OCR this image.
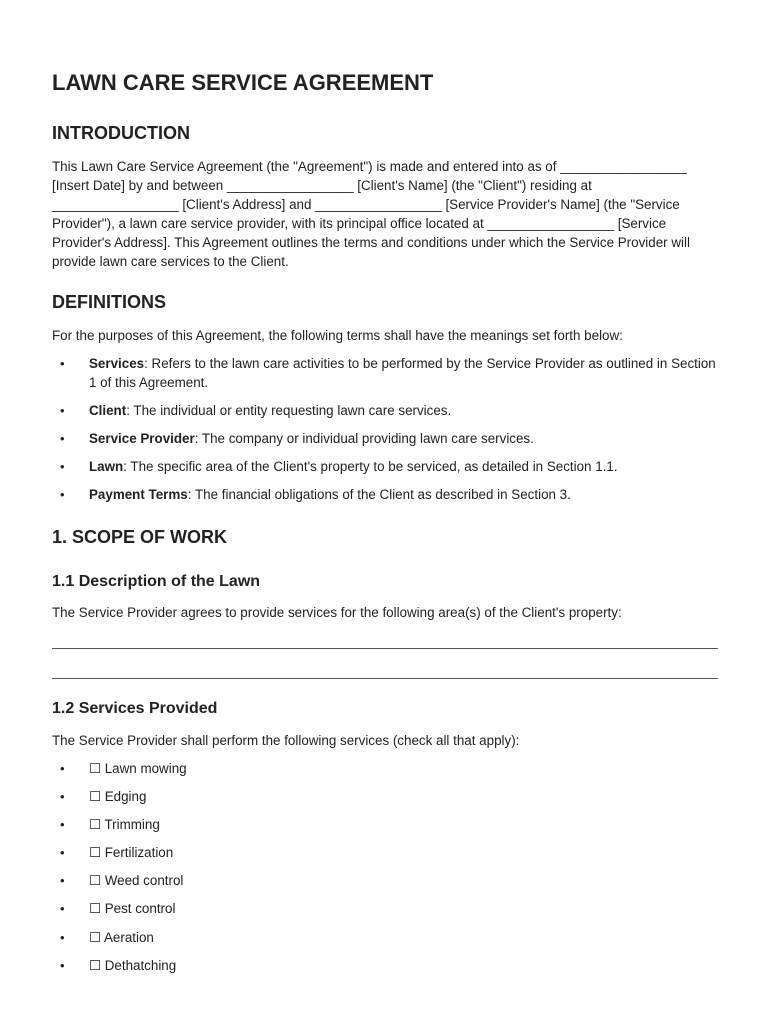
LAWN CARE SERVICE AGREEMENT
INTRODUCTION

This Lawn Care Service Agreement (the "Agreement") is made and entered into as of _________________ [Insert Date] by and between _________________ [Client's Name] (the "Client") residing at _________________ [Client's Address] and _________________ [Service Provider's Name] (the "Service Provider"), a lawn care service provider, with its principal office located at _________________ [Service Provider's Address]. This Agreement outlines the terms and conditions under which the Service Provider will provide lawn care services to the Client.

DEFINITIONS

For the purposes of this Agreement, the following terms shall have the meanings set forth below:

• Services: Refers to the lawn care activities to be performed by the Service Provider as outlined in Section 1 of this Agreement.
• Client: The individual or entity requesting lawn care services.
• Service Provider: The company or individual providing lawn care services.
• Lawn: The specific area of the Client's property to be serviced, as detailed in Section 1.1.
• Payment Terms: The financial obligations of the Client as described in Section 3.
1. SCOPE OF WORK
1.1 Description of the Lawn

The Service Provider agrees to provide services for the following area(s) of the Client's property:

1.2 Services Provided

The Service Provider shall perform the following services (check all that apply):

• ☐ Lawn mowing
• ☐ Edging
• ☐ Trimming
• ☐ Fertilization
• ☐ Weed control
• ☐ Pest control
• ☐ Aeration
• ☐ Dethatching
